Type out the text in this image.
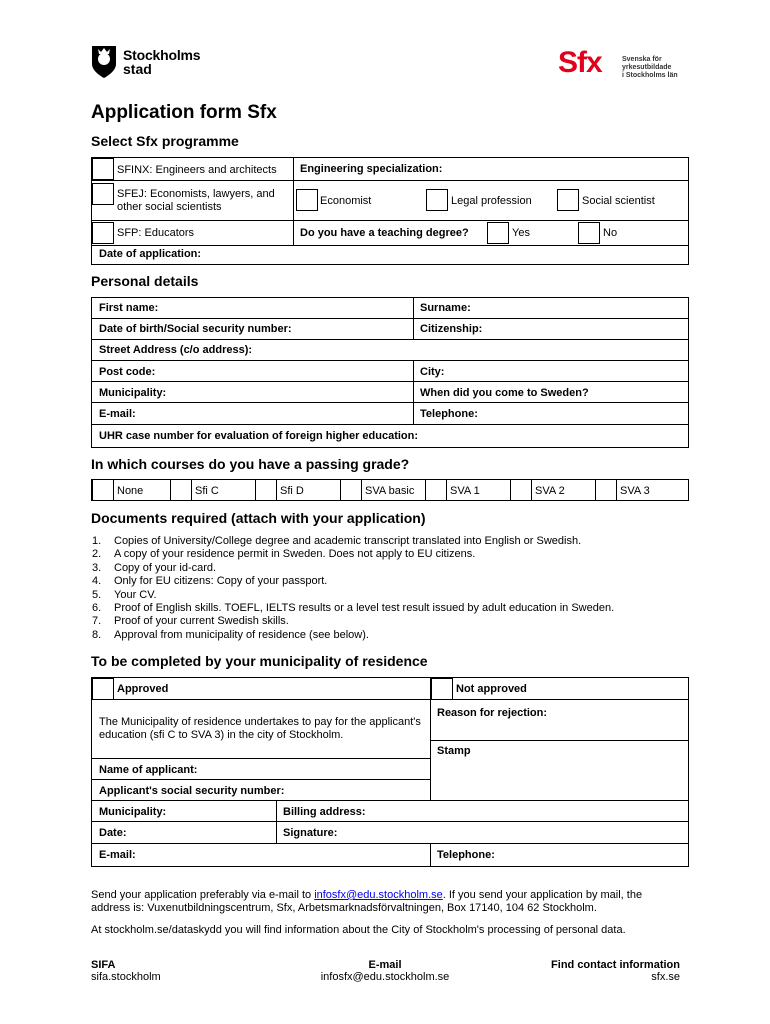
Stockholms
stad	Sfx	Svenska för
yrkesutbildade
i Stockholms län
Application form Sfx
Select Sfx programme
SFINX: Engineers and architects Engineering specialization:
SFEJ: Economists, lawyers, and other social scientists	Economist	Legal profession	Social scientist
SFP: Educators	Do you have a teaching degree?	Yes	No
Date of application:
Personal details
First name:	Surname:
Date of birth/Social security number:	Citizenship:
Street Address (c/o address):
Post code:	City:
Municipality:	When did you come to Sweden?
E-mail:	Telephone:
UHR case number for evaluation of foreign higher education:
In which courses do you have a passing grade?
None	Sfi C	Sfi D	SVA basic	SVA 1	SVA 2	SVA 3
Documents required (attach with your application)
1.	Copies of University/College degree and academic transcript translated into English or Swedish.
2.	A copy of your residence permit in Sweden. Does not apply to EU citizens.
3.	Copy of your id-card.
4.	Only for EU citizens: Copy of your passport.
5.	Your CV.
6.	Proof of English skills. TOEFL, IELTS results or a level test result issued by adult education in Sweden.
7.	Proof of your current Swedish skills.
8.	Approval from municipality of residence (see below).
To be completed by your municipality of residence
Approved	Not approved
The Municipality of residence undertakes to pay for the applicant's education (sfi C to SVA 3) in the city of Stockholm.
Reason for rejection:
Stamp
Name of applicant:
Applicant's social security number:
Municipality:	Billing address:
Date:	Signature:
E-mail:	Telephone:
Send your application preferably via e-mail to infosfx@edu.stockholm.se. If you send your application by mail, the
address is: Vuxenutbildningscentrum, Sfx, Arbetsmarknadsförvaltningen, Box 17140, 104 62 Stockholm.
At stockholm.se/dataskydd you will find information about the City of Stockholm's processing of personal data.
SIFA
sifa.stockholm
E-mail
infosfx@edu.stockholm.se
Find contact information
sfx.se
